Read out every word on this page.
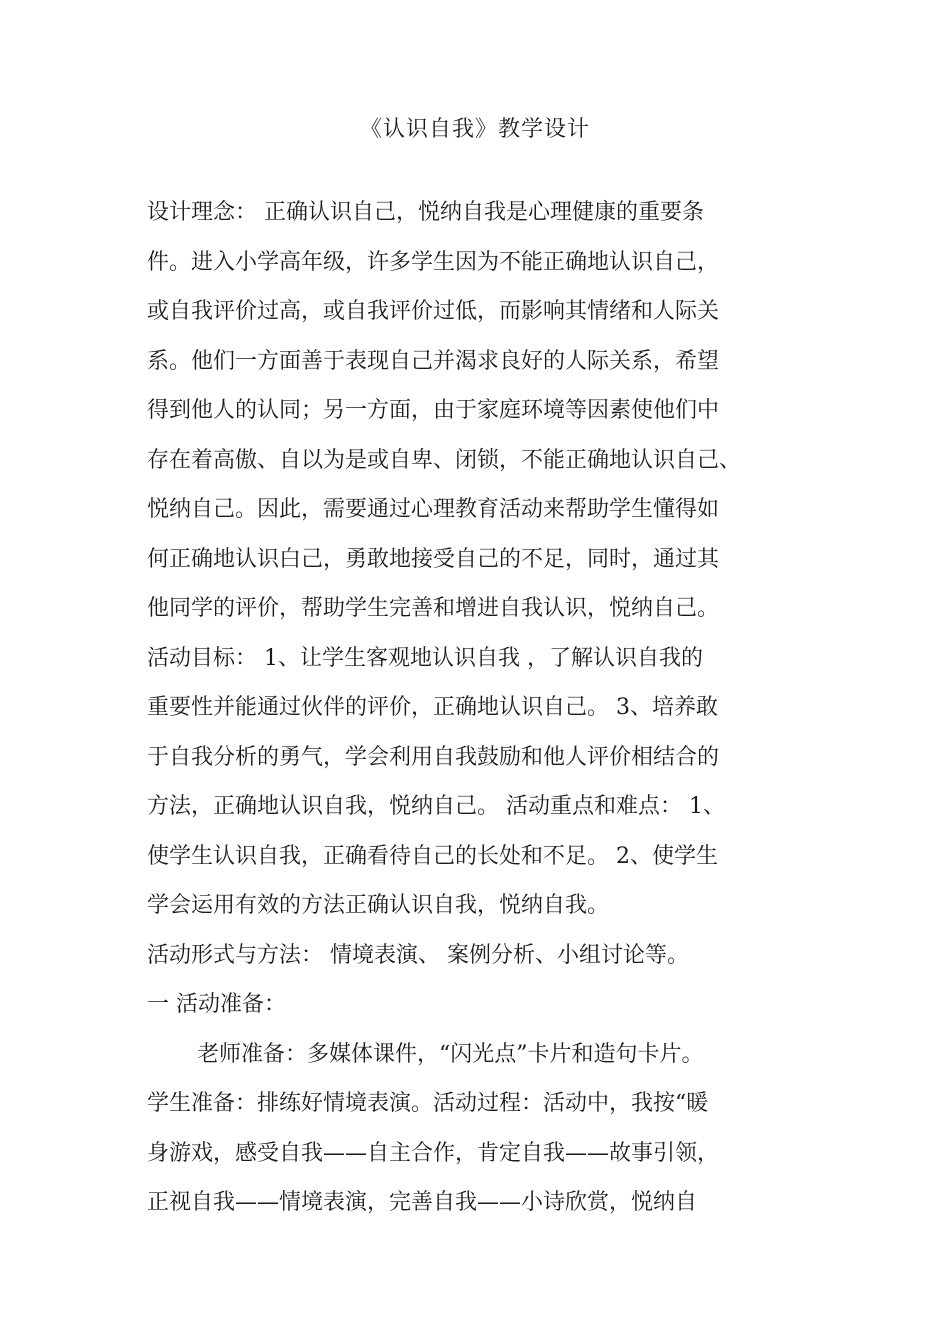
《认识自我》教学设计
设计理念： 正确认识自己，悦纳自我是心理健康的重要条
件。进入小学高年级，许多学生因为不能正确地认识自己，
或自我评价过高，或自我评价过低，而影响其情绪和人际关
系。他们一方面善于表现自己并渴求良好的人际关系，希望
得到他人的认同；另一方面，由于家庭环境等因素使他们中
存在着高傲、自以为是或自卑、闭锁，不能正确地认识自己、
悦纳自己。因此，需要通过心理教育活动来帮助学生懂得如
何正确地认识白己，勇敢地接受自己的不足，同时，通过其
他同学的评价，帮助学生完善和增进自我认识，悦纳自己。
活动目标： 1、让学生客观地认识自我 ，了解认识自我的
重要性并能通过伙伴的评价，正确地认识自己。 3、培养敢
于自我分析的勇气，学会利用自我鼓励和他人评价相结合的
方法，正确地认识自我，悦纳自己。 活动重点和难点： 1、
使学生认识自我，正确看待自己的长处和不足。 2、使学生
学会运用有效的方法正确认识自我，悦纳自我。
活动形式与方法： 情境表演、 案例分析、小组讨论等。
一 活动准备：
老师准备：多媒体课件，“闪光点”卡片和造句卡片。
学生准备：排练好情境表演。活动过程：活动中，我按“暖
身游戏，感受自我——自主合作，肯定自我——故事引领，
正视自我——情境表演，完善自我——小诗欣赏，悦纳自
